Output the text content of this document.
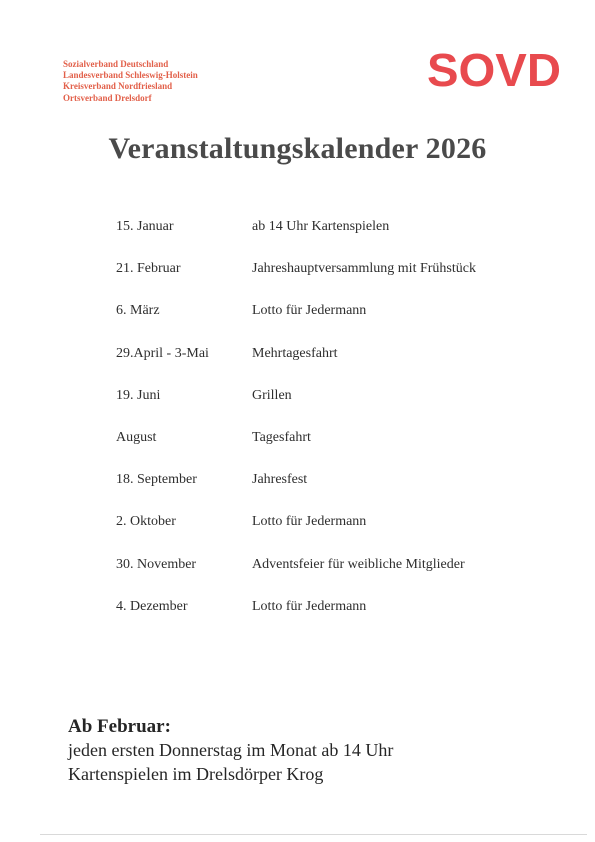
Sozialverband Deutschland
Landesverband Schleswig-Holstein
Kreisverband Nordfriesland
Ortsverband Drelsdorf
SOVD
Veranstaltungskalender 2026
15. Januar	ab 14 Uhr Kartenspielen
21. Februar	Jahreshauptversammlung mit Frühstück
6. März	Lotto für Jedermann
29.April - 3-Mai	Mehrtagesfahrt
19. Juni	Grillen
August	Tagesfahrt
18. September	Jahresfest
2. Oktober	Lotto für Jedermann
30. November	Adventsfeier für weibliche Mitglieder
4. Dezember	Lotto für Jedermann
Ab Februar:
jeden ersten Donnerstag im Monat ab 14 Uhr
Kartenspielen im Drelsdörper Krog
